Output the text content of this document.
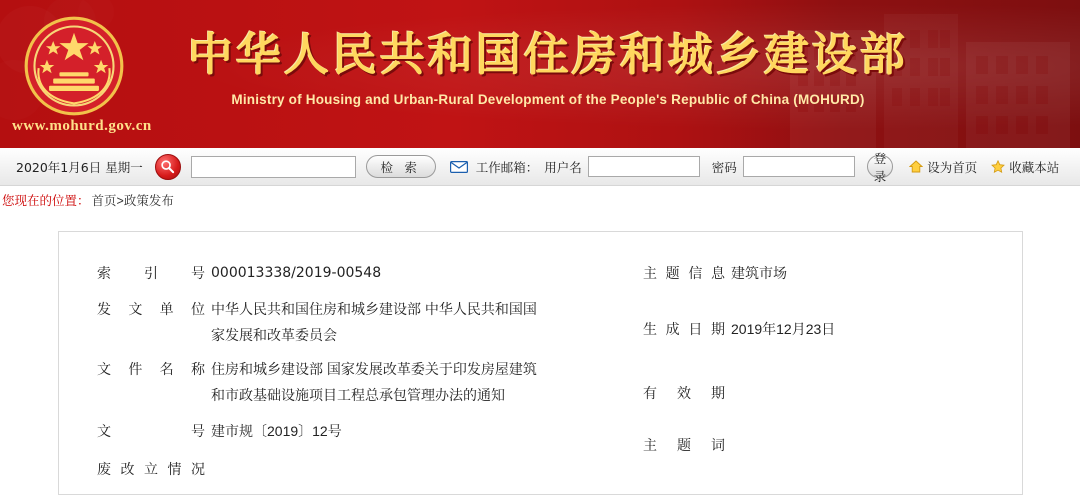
中华人民共和国住房和城乡建设部
Ministry of Housing and Urban-Rural Development of the People's Republic of China (MOHURD)
www.mohurd.gov.cn
2020年1月6日 星期一	检 索	工作邮箱： 用户名	密码
登录
设为首页	收藏本站
您现在的位置： 首页>政策发布
索 引 号 000013338/2019-00548
发文单位 中华人民共和国住房和城乡建设部 中华人民共和国国家发展和改革委员会
文件名称 住房和城乡建设部 国家发展改革委关于印发房屋建筑和市政基础设施项目工程总承包管理办法的通知
文 号 建市规〔2019〕12号
废改立情况
主题信息 建筑市场
生成日期 2019年12月23日
有 效 期
主 题 词
